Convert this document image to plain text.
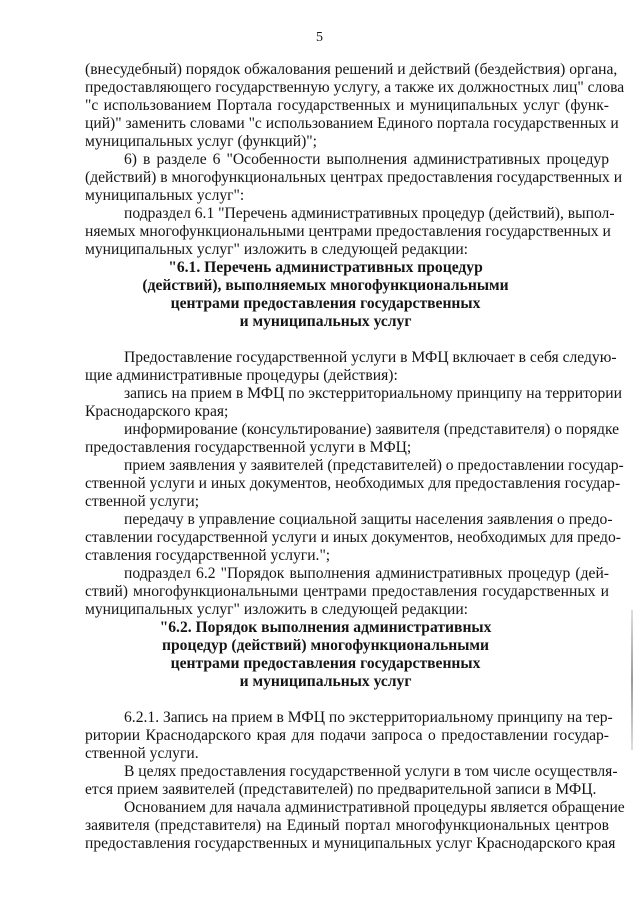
5
(внесудебный) порядок обжалования решений и действий (бездействия) органа,
предоставляющего государственную услугу, а также их должностных лиц" слова
"с использованием Портала государственных и муниципальных услуг (функ-
ций)" заменить словами "с использованием Единого портала государственных и
муниципальных услуг (функций)";
6) в разделе 6 "Особенности выполнения административных процедур
(действий) в многофункциональных центрах предоставления государственных и
муниципальных услуг":
подраздел 6.1 "Перечень административных процедур (действий), выпол-
няемых многофункциональными центрами предоставления государственных и
муниципальных услуг" изложить в следующей редакции:
"6.1. Перечень административных процедур
(действий), выполняемых многофункциональными
центрами предоставления государственных
и муниципальных услуг
Предоставление государственной услуги в МФЦ включает в себя следую-
щие административные процедуры (действия):
запись на прием в МФЦ по экстерриториальному принципу на территории
Краснодарского края;
информирование (консультирование) заявителя (представителя) о порядке
предоставления государственной услуги в МФЦ;
прием заявления у заявителей (представителей) о предоставлении государ-
ственной услуги и иных документов, необходимых для предоставления государ-
ственной услуги;
передачу в управление социальной защиты населения заявления о предо-
ставлении государственной услуги и иных документов, необходимых для предо-
ставления государственной услуги.";
подраздел 6.2 "Порядок выполнения административных процедур (дей-
ствий) многофункциональными центрами предоставления государственных и
муниципальных услуг" изложить в следующей редакции:
"6.2. Порядок выполнения административных
процедур (действий) многофункциональными
центрами предоставления государственных
и муниципальных услуг
6.2.1. Запись на прием в МФЦ по экстерриториальному принципу на тер-
ритории Краснодарского края для подачи запроса о предоставлении государ-
ственной услуги.
В целях предоставления государственной услуги в том числе осуществля-
ется прием заявителей (представителей) по предварительной записи в МФЦ.
Основанием для начала административной процедуры является обращение
заявителя (представителя) на Единый портал многофункциональных центров
предоставления государственных и муниципальных услуг Краснодарского края
